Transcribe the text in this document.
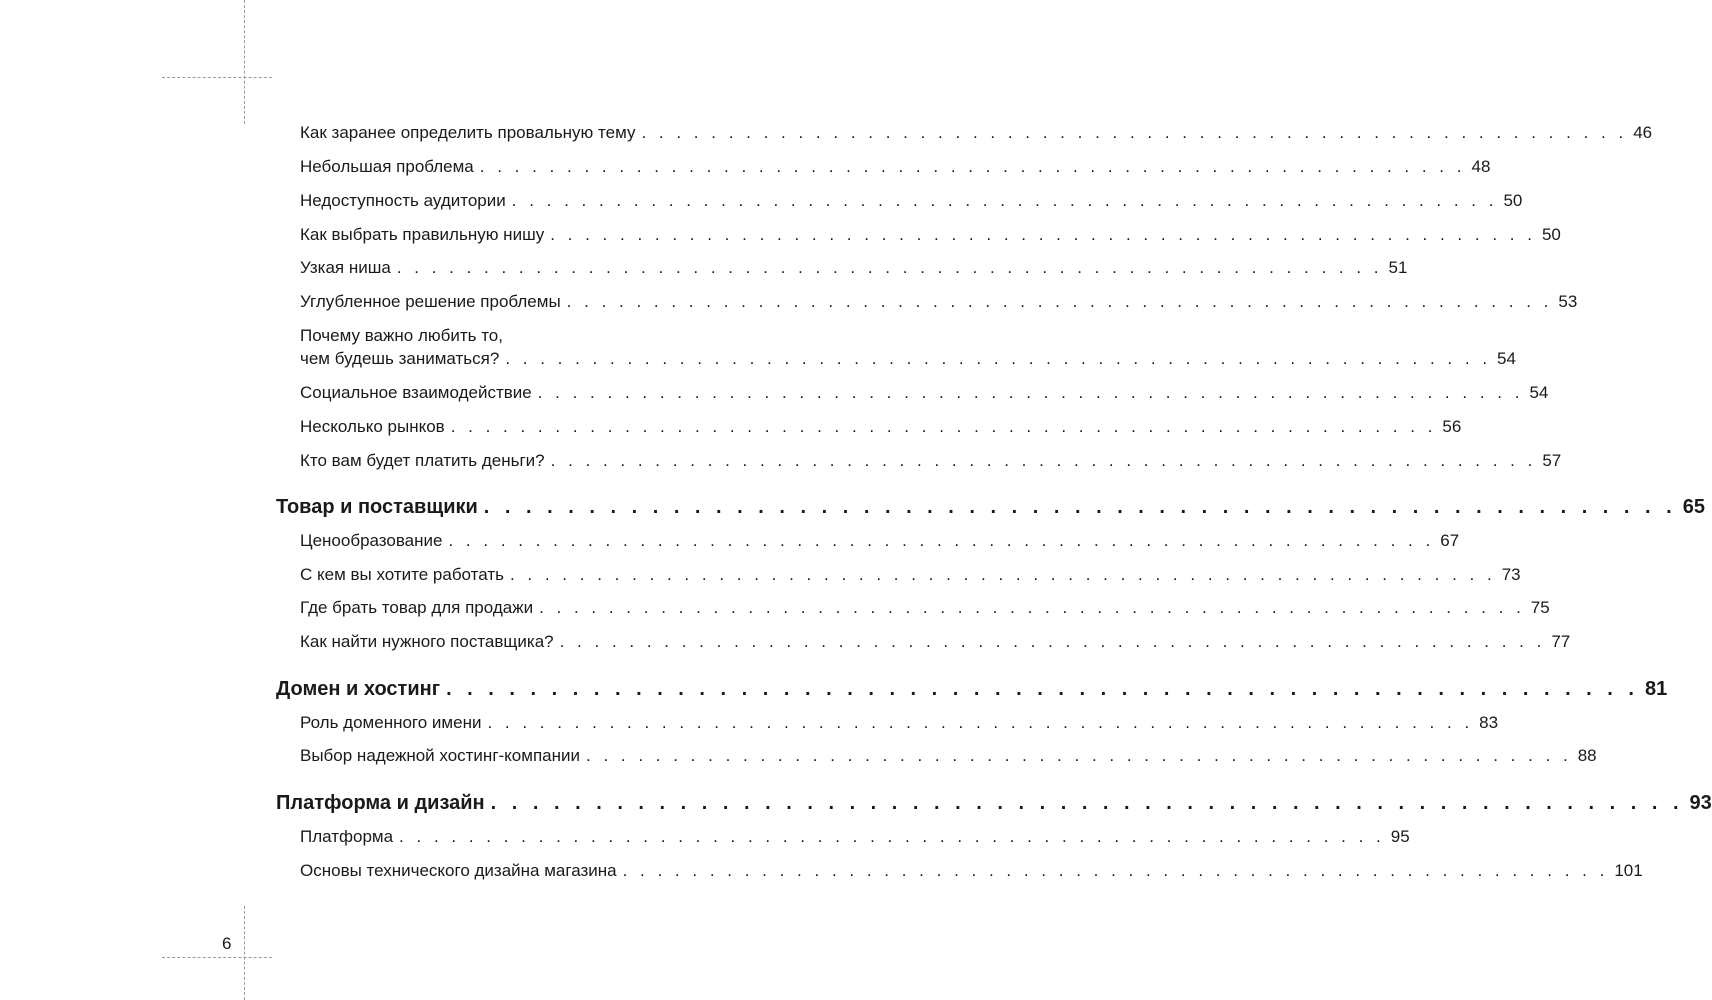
Как заранее определить провальную тему . . . . . . . . . . . . . . . . . . . . . . . . . . . . . . . . . . . . . . . . . . . . . . . . . . . . . . . . . 46
Небольшая проблема . . . . . . . . . . . . . . . . . . . . . . . . . . . . . . . . . . . . . . . . . . . . . . . . . . . . . . . . . 48
Недоступность аудитории . . . . . . . . . . . . . . . . . . . . . . . . . . . . . . . . . . . . . . . . . . . . . . . . . . . . . . . . . 50
Как выбрать правильную нишу . . . . . . . . . . . . . . . . . . . . . . . . . . . . . . . . . . . . . . . . . . . . . . . . . . . . . . . . . 50
Узкая ниша . . . . . . . . . . . . . . . . . . . . . . . . . . . . . . . . . . . . . . . . . . . . . . . . . . . . . . . . . 51
Углубленное решение проблемы . . . . . . . . . . . . . . . . . . . . . . . . . . . . . . . . . . . . . . . . . . . . . . . . . . . . . . . . . 53
Почему важно любить то,
чем будешь заниматься? . . . . . . . . . . . . . . . . . . . . . . . . . . . . . . . . . . . . . . . . . . . . . . . . . . . . . . . . . 54
Социальное взаимодействие . . . . . . . . . . . . . . . . . . . . . . . . . . . . . . . . . . . . . . . . . . . . . . . . . . . . . . . . . 54
Несколько рынков . . . . . . . . . . . . . . . . . . . . . . . . . . . . . . . . . . . . . . . . . . . . . . . . . . . . . . . . . 56
Кто вам будет платить деньги? . . . . . . . . . . . . . . . . . . . . . . . . . . . . . . . . . . . . . . . . . . . . . . . . . . . . . . . . . 57
Товар и поставщики . . . . . . . . . . . . . . . . . . . . . . . . . . . . . . . . . . . . . . . . . . . . . . . . . . . . . . . . . 65
Ценообразование . . . . . . . . . . . . . . . . . . . . . . . . . . . . . . . . . . . . . . . . . . . . . . . . . . . . . . . . . 67
С кем вы хотите работать . . . . . . . . . . . . . . . . . . . . . . . . . . . . . . . . . . . . . . . . . . . . . . . . . . . . . . . . . 73
Где брать товар для продажи . . . . . . . . . . . . . . . . . . . . . . . . . . . . . . . . . . . . . . . . . . . . . . . . . . . . . . . . . 75
Как найти нужного поставщика? . . . . . . . . . . . . . . . . . . . . . . . . . . . . . . . . . . . . . . . . . . . . . . . . . . . . . . . . . 77
Домен и хостинг . . . . . . . . . . . . . . . . . . . . . . . . . . . . . . . . . . . . . . . . . . . . . . . . . . . . . . . . . 81
Роль доменного имени . . . . . . . . . . . . . . . . . . . . . . . . . . . . . . . . . . . . . . . . . . . . . . . . . . . . . . . . . 83
Выбор надежной хостинг-компании . . . . . . . . . . . . . . . . . . . . . . . . . . . . . . . . . . . . . . . . . . . . . . . . . . . . . . . . . 88
Платформа и дизайн . . . . . . . . . . . . . . . . . . . . . . . . . . . . . . . . . . . . . . . . . . . . . . . . . . . . . . . . . 93
Платформа . . . . . . . . . . . . . . . . . . . . . . . . . . . . . . . . . . . . . . . . . . . . . . . . . . . . . . . . . 95
Основы технического дизайна магазина . . . . . . . . . . . . . . . . . . . . . . . . . . . . . . . . . . . . . . . . . . . . . . . . . . . . . . . . . 101
6
